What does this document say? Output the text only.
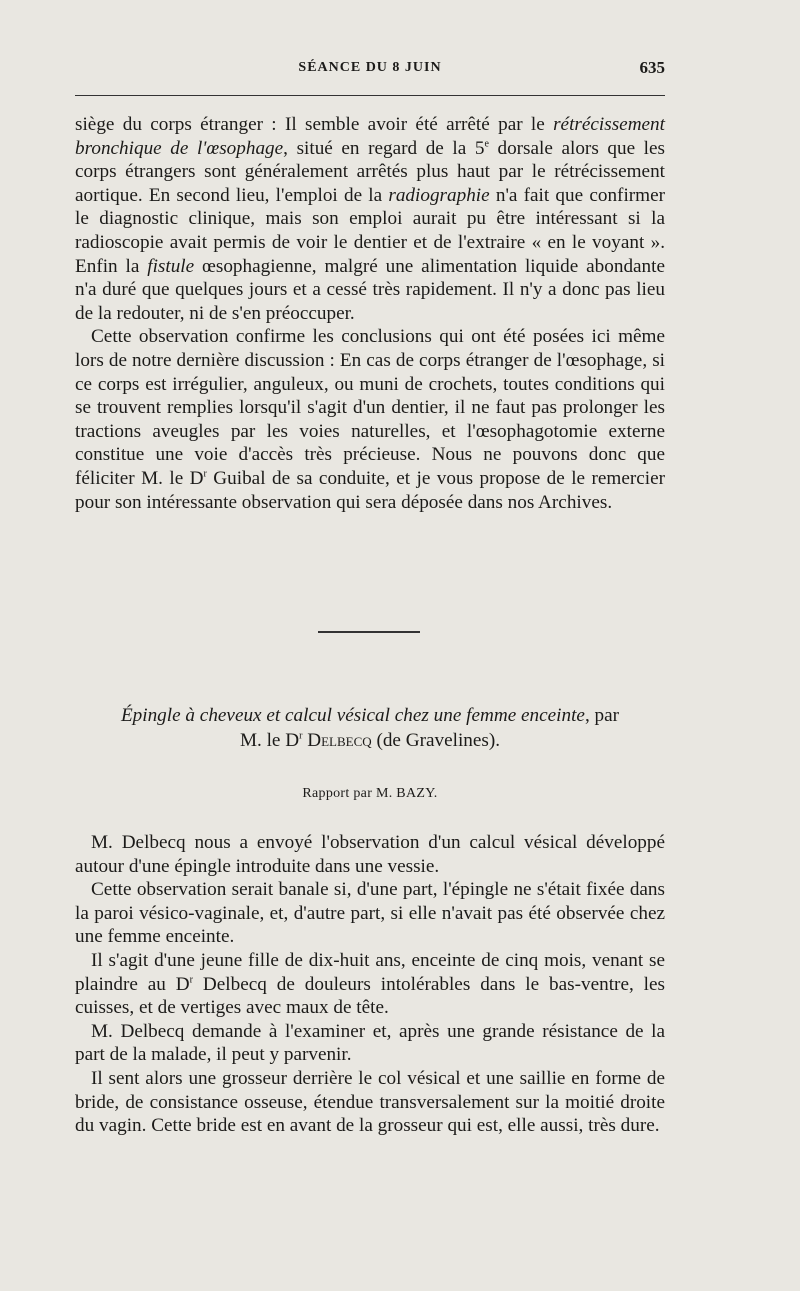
SÉANCE DU 8 JUIN	635

siège du corps étranger : Il semble avoir été arrêté par le rétrécissement bronchique de l'œsophage, situé en regard de la 5e dorsale alors que les corps étrangers sont généralement arrêtés plus haut par le rétrécissement aortique. En second lieu, l'emploi de la radiographie n'a fait que confirmer le diagnostic clinique, mais son emploi aurait pu être intéressant si la radioscopie avait permis de voir le dentier et de l'extraire « en le voyant ». Enfin la fistule œsophagienne, malgré une alimentation liquide abondante n'a duré que quelques jours et a cessé très rapidement. Il n'y a donc pas lieu de la redouter, ni de s'en préoccuper.

Cette observation confirme les conclusions qui ont été posées ici même lors de notre dernière discussion : En cas de corps étranger de l'œsophage, si ce corps est irrégulier, anguleux, ou muni de crochets, toutes conditions qui se trouvent remplies lorsqu'il s'agit d'un dentier, il ne faut pas prolonger les tractions aveugles par les voies naturelles, et l'œsophagotomie externe constitue une voie d'accès très précieuse. Nous ne pouvons donc que féliciter M. le $D^r$ Guibal de sa conduite, et je vous propose de le remercier pour son intéressante observation qui sera déposée dans nos Archives.

Épingle à cheveux et calcul vésical chez une femme enceinte, par
M. le $D^r$ Delbecq (de Gravelines).
Rapport par M. BAZY.

M. Delbecq nous a envoyé l'observation d'un calcul vésical développé autour d'une épingle introduite dans une vessie.

Cette observation serait banale si, d'une part, l'épingle ne s'était fixée dans la paroi vésico-vaginale, et, d'autre part, si elle n'avait pas été observée chez une femme enceinte.

Il s'agit d'une jeune fille de dix-huit ans, enceinte de cinq mois, venant se plaindre au $D^r$ Delbecq de douleurs intolérables dans le bas-ventre, les cuisses, et de vertiges avec maux de tête.

M. Delbecq demande à l'examiner et, après une grande résistance de la part de la malade, il peut y parvenir.

Il sent alors une grosseur derrière le col vésical et une saillie en forme de bride, de consistance osseuse, étendue transversalement sur la moitié droite du vagin. Cette bride est en avant de la grosseur qui est, elle aussi, très dure.
